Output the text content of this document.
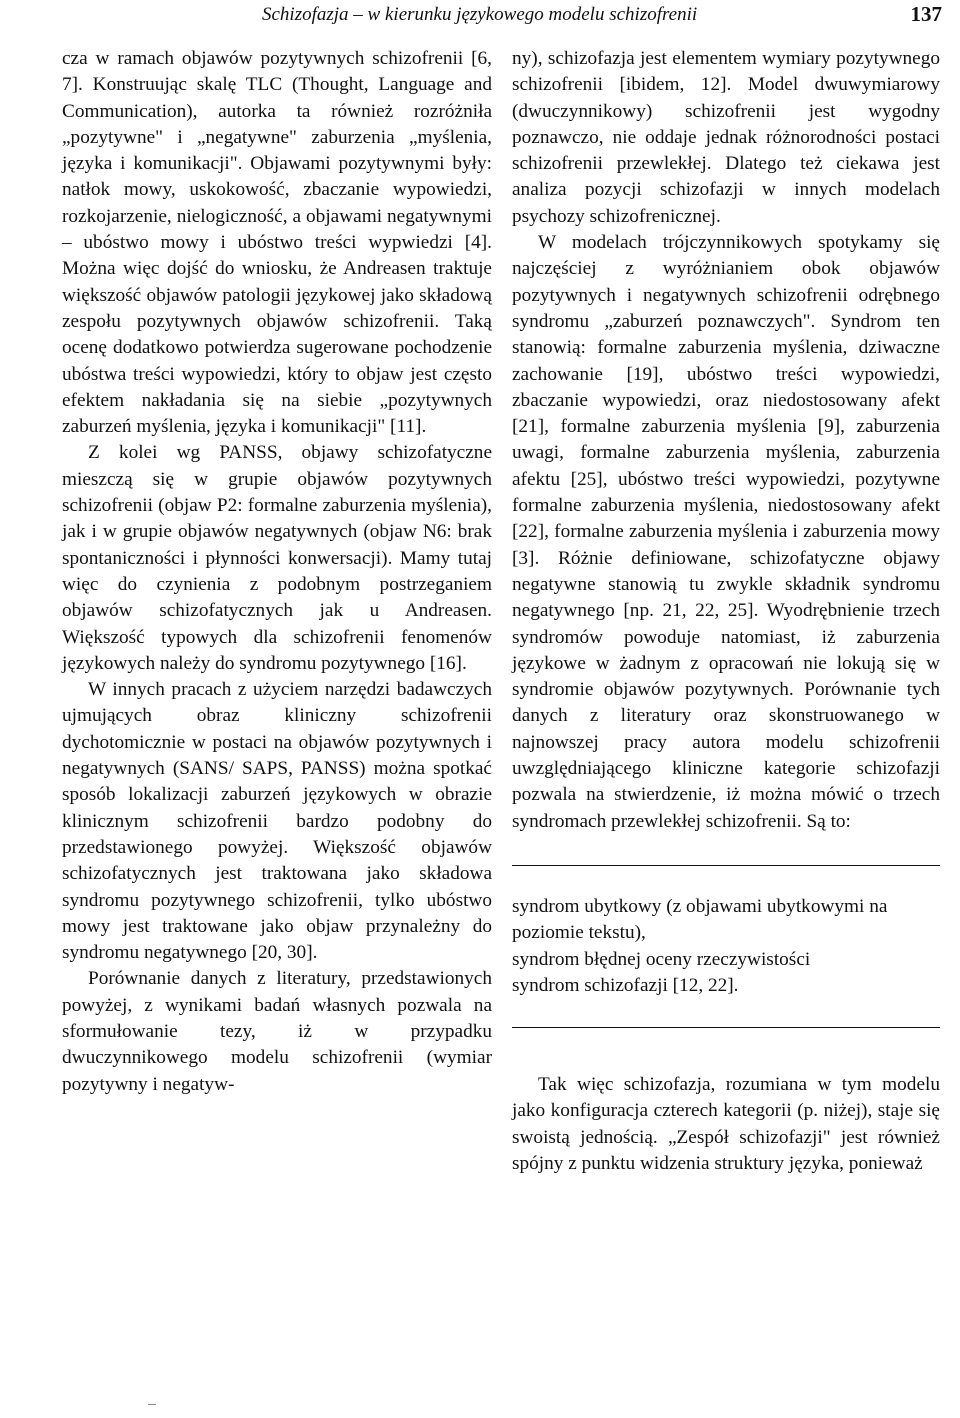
Schizofazja – w kierunku językowego modelu schizofrenii	137

cza w ramach objawów pozytywnych schizofrenii [6, 7]. Konstruując skalę TLC (Thought, Language and Communication), autorka ta również rozróżniła „pozytywne" i „negatywne" zaburzenia „myślenia, języka i komunikacji". Objawami pozytywnymi były: natłok mowy, uskokowość, zbaczanie wypowiedzi, rozkojarzenie, nielogiczność, a objawami negatywnymi – ubóstwo mowy i ubóstwo treści wypwiedzi [4]. Można więc dojść do wniosku, że Andreasen traktuje większość objawów patologii językowej jako składową zespołu pozytywnych objawów schizofrenii. Taką ocenę dodatkowo potwierdza sugerowane pochodzenie ubóstwa treści wypowiedzi, który to objaw jest często efektem nakładania się na siebie „pozytywnych zaburzeń myślenia, języka i komunikacji" [11].

Z kolei wg PANSS, objawy schizofatyczne mieszczą się w grupie objawów pozytywnych schizofrenii (objaw P2: formalne zaburzenia myślenia), jak i w grupie objawów negatywnych (objaw N6: brak spontaniczności i płynności konwersacji). Mamy tutaj więc do czynienia z podobnym postrzeganiem objawów schizofatycznych jak u Andreasen. Większość typowych dla schizofrenii fenomenów językowych należy do syndromu pozytywnego [16].

W innych pracach z użyciem narzędzi badawczych ujmujących obraz kliniczny schizofrenii dychotomicznie w postaci na objawów pozytywnych i negatywnych (SANS/ SAPS, PANSS) można spotkać sposób lokalizacji zaburzeń językowych w obrazie klinicznym schizofrenii bardzo podobny do przedstawionego powyżej. Większość objawów schizofatycznych jest traktowana jako składowa syndromu pozytywnego schizofrenii, tylko ubóstwo mowy jest traktowane jako objaw przynależny do syndromu negatywnego [20, 30].

Porównanie danych z literatury, przedstawionych powyżej, z wynikami badań własnych pozwala na sformułowanie tezy, iż w przypadku dwuczynnikowego modelu schizofrenii (wymiar pozytywny i negatyw-

ny), schizofazja jest elementem wymiary pozytywnego schizofrenii [ibidem, 12]. Model dwuwymiarowy (dwuczynnikowy) schizofrenii jest wygodny poznawczo, nie oddaje jednak różnorodności postaci schizofrenii przewlekłej. Dlatego też ciekawa jest analiza pozycji schizofazji w innych modelach psychozy schizofrenicznej.

W modelach trójczynnikowych spotykamy się najczęściej z wyróżnianiem obok objawów pozytywnych i negatywnych schizofrenii odrębnego syndromu „zaburzeń poznawczych". Syndrom ten stanowią: formalne zaburzenia myślenia, dziwaczne zachowanie [19], ubóstwo treści wypowiedzi, zbaczanie wypowiedzi, oraz niedostosowany afekt [21], formalne zaburzenia myślenia [9], zaburzenia uwagi, formalne zaburzenia myślenia, zaburzenia afektu [25], ubóstwo treści wypowiedzi, pozytywne formalne zaburzenia myślenia, niedostosowany afekt [22], formalne zaburzenia myślenia i zaburzenia mowy [3]. Różnie definiowane, schizofatyczne objawy negatywne stanowią tu zwykle składnik syndromu negatywnego [np. 21, 22, 25]. Wyodrębnienie trzech syndromów powoduje natomiast, iż zaburzenia językowe w żadnym z opracowań nie lokują się w syndromie objawów pozytywnych. Porównanie tych danych z literatury oraz skonstruowanego w najnowszej pracy autora modelu schizofrenii uwzględniającego kliniczne kategorie schizofazji pozwala na stwierdzenie, iż można mówić o trzech syndromach przewlekłej schizofrenii. Są to:

syndrom ubytkowy (z objawami ubytkowymi na poziomie tekstu),
syndrom błędnej oceny rzeczywistości
syndrom schizofazji [12, 22].

Tak więc schizofazja, rozumiana w tym modelu jako konfiguracja czterech kategorii (p. niżej), staje się swoistą jednością. „Zespół schizofazji" jest również spójny z punktu widzenia struktury języka, ponieważ
